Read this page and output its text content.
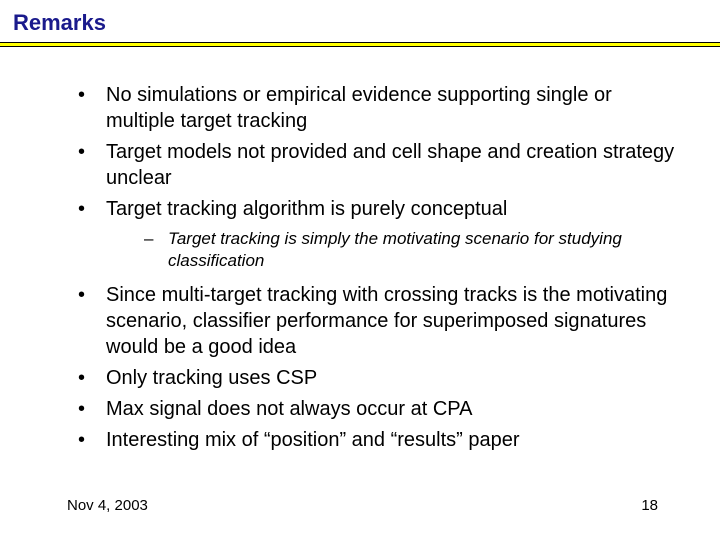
Remarks
• No simulations or empirical evidence supporting single or multiple target tracking
• Target models not provided and cell shape and creation strategy unclear
• Target tracking algorithm is purely conceptual
– Target tracking is simply the motivating scenario for studying classification
• Since multi-target tracking with crossing tracks is the motivating scenario, classifier performance for superimposed signatures would be a good idea
• Only tracking uses CSP
• Max signal does not always occur at CPA
• Interesting mix of “position” and “results” paper
Nov 4, 2003	18
